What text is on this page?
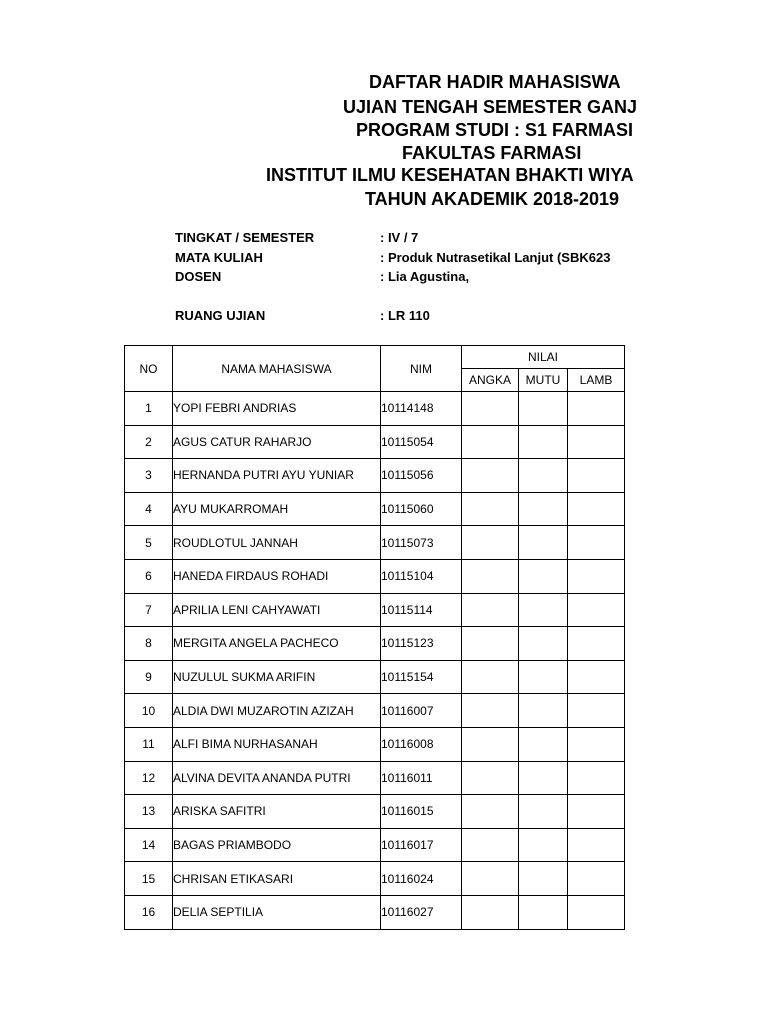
DAFTAR HADIR MAHASISWA
UJIAN TENGAH SEMESTER GANJ
PROGRAM STUDI : S1 FARMASI
FAKULTAS FARMASI
INSTITUT ILMU KESEHATAN BHAKTI WIYA
TAHUN AKADEMIK 2018-2019
TINGKAT / SEMESTER	: IV / 7
MATA KULIAH	: Produk Nutrasetikal Lanjut (SBK623
DOSEN	: Lia Agustina,
RUANG UJIAN	: LR 110
NO	NAMA MAHASISWA	NIM	NILAI		
			ANGKA	MUTU	LAMB
1	YOPI FEBRI ANDRIAS	10114148			
2	AGUS CATUR RAHARJO	10115054			
3	HERNANDA PUTRI AYU YUNIAR	10115056			
4	AYU MUKARROMAH	10115060			
5	ROUDLOTUL JANNAH	10115073			
6	HANEDA FIRDAUS ROHADI	10115104			
7	APRILIA LENI CAHYAWATI	10115114			
8	MERGITA ANGELA PACHECO	10115123			
9	NUZULUL SUKMA ARIFIN	10115154			
10	ALDIA DWI MUZAROTIN AZIZAH	10116007			
11	ALFI BIMA NURHASANAH	10116008			
12	ALVINA DEVITA ANANDA PUTRI	10116011			
13	ARISKA SAFITRI	10116015			
14	BAGAS PRIAMBODO	10116017			
15	CHRISAN ETIKASARI	10116024			
16	DELIA SEPTILIA	10116027			
